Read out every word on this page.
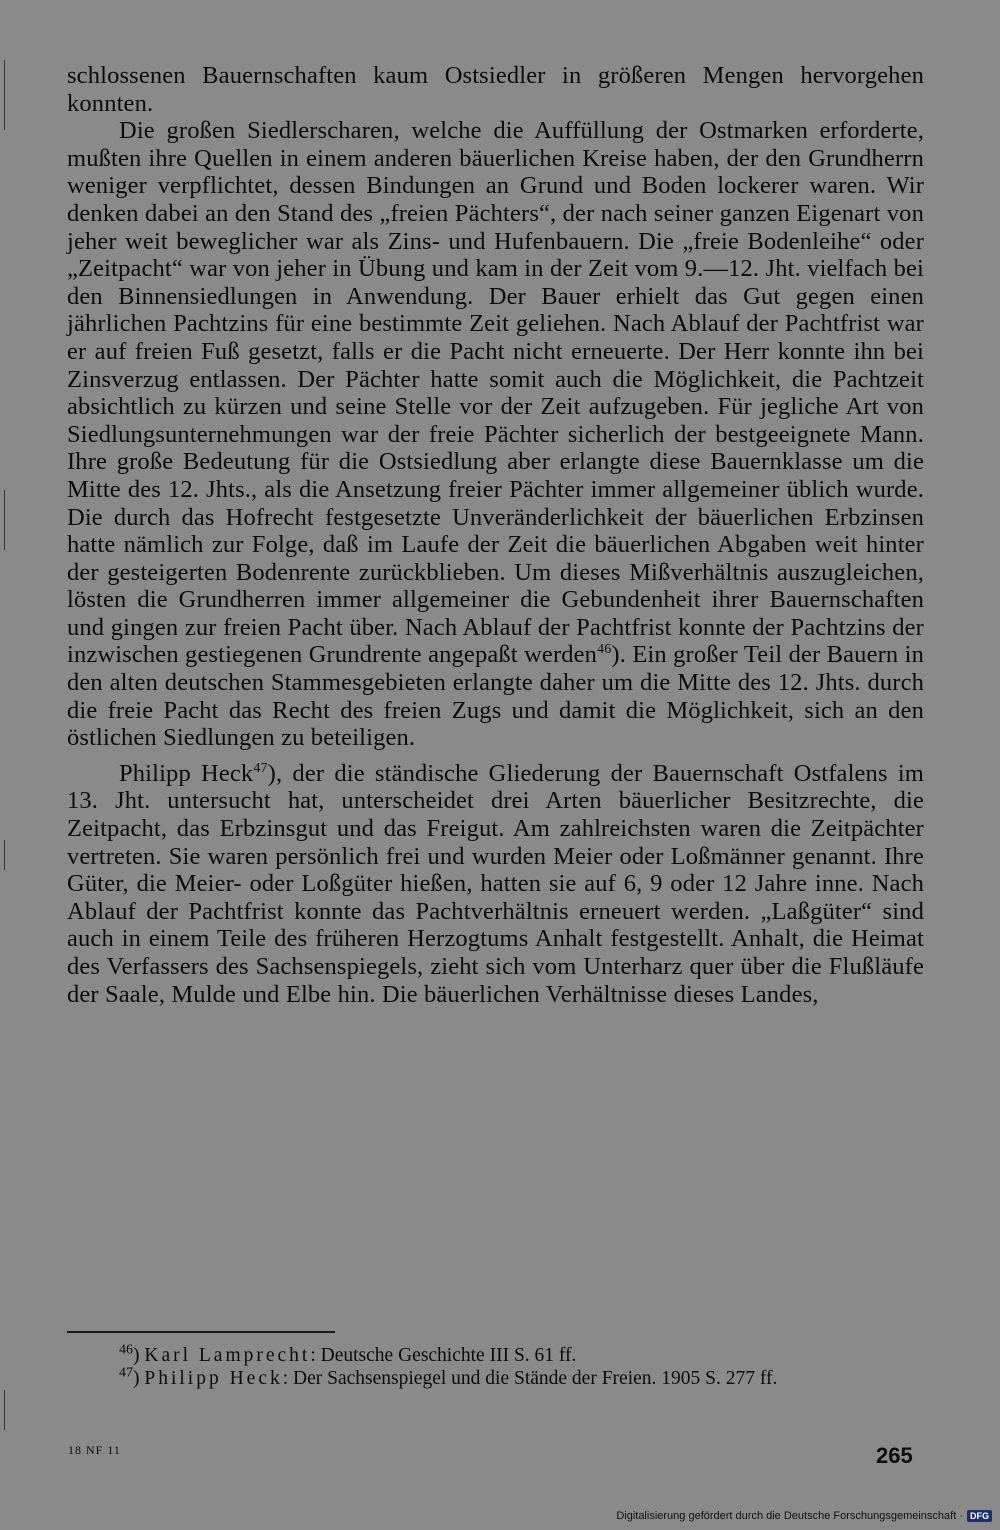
schlossenen Bauernschaften kaum Ostsiedler in größeren Mengen hervorgehen konnten.

Die großen Siedlerscharen, welche die Auffüllung der Ostmarken erforderte, mußten ihre Quellen in einem anderen bäuerlichen Kreise haben, der den Grundherrn weniger verpflichtet, dessen Bindungen an Grund und Boden lockerer waren. Wir denken dabei an den Stand des „freien Pächters“, der nach seiner ganzen Eigenart von jeher weit beweglicher war als Zins- und Hufenbauern. Die „freie Bodenleihe“ oder „Zeitpacht“ war von jeher in Übung und kam in der Zeit vom 9.—12. Jht. vielfach bei den Binnensiedlungen in Anwendung. Der Bauer erhielt das Gut gegen einen jährlichen Pachtzins für eine bestimmte Zeit geliehen. Nach Ablauf der Pachtfrist war er auf freien Fuß gesetzt, falls er die Pacht nicht erneuerte. Der Herr konnte ihn bei Zinsverzug entlassen. Der Pächter hatte somit auch die Möglichkeit, die Pachtzeit absichtlich zu kürzen und seine Stelle vor der Zeit aufzugeben. Für jegliche Art von Siedlungsunternehmungen war der freie Pächter sicherlich der bestgeeignete Mann. Ihre große Bedeutung für die Ostsiedlung aber erlangte diese Bauernklasse um die Mitte des 12. Jhts., als die Ansetzung freier Pächter immer allgemeiner üblich wurde. Die durch das Hofrecht festgesetzte Unveränderlichkeit der bäuerlichen Erbzinsen hatte nämlich zur Folge, daß im Laufe der Zeit die bäuerlichen Abgaben weit hinter der gesteigerten Bodenrente zurückblieben. Um dieses Mißverhältnis auszugleichen, lösten die Grundherren immer allgemeiner die Gebundenheit ihrer Bauernschaften und gingen zur freien Pacht über. Nach Ablauf der Pachtfrist konnte der Pachtzins der inzwischen gestiegenen Grundrente angepaßt werden$^{46}$). Ein großer Teil der Bauern in den alten deutschen Stammesgebieten erlangte daher um die Mitte des 12. Jhts. durch die freie Pacht das Recht des freien Zugs und damit die Möglichkeit, sich an den östlichen Siedlungen zu beteiligen.

Philipp Heck$^{47}$), der die ständische Gliederung der Bauernschaft Ostfalens im 13. Jht. untersucht hat, unterscheidet drei Arten bäuerlicher Besitzrechte, die Zeitpacht, das Erbzinsgut und das Freigut. Am zahlreichsten waren die Zeitpächter vertreten. Sie waren persönlich frei und wurden Meier oder Loßmänner genannt. Ihre Güter, die Meier- oder Loßgüter hießen, hatten sie auf 6, 9 oder 12 Jahre inne. Nach Ablauf der Pachtfrist konnte das Pachtverhältnis erneuert werden. „Laßgüter“ sind auch in einem Teile des früheren Herzogtums Anhalt festgestellt. Anhalt, die Heimat des Verfassers des Sachsenspiegels, zieht sich vom Unterharz quer über die Flußläufe der Saale, Mulde und Elbe hin. Die bäuerlichen Verhältnisse dieses Landes,

$^{46}$) Karl Lamprecht: Deutsche Geschichte III S. 61 ff.

$^{47}$) Philipp Heck: Der Sachsenspiegel und die Stände der Freien. 1905 S. 277 ff.

18 NF 11	265
Digitalisierung gefördert durch die Deutsche Forschungsgemeinschaft · DFG
